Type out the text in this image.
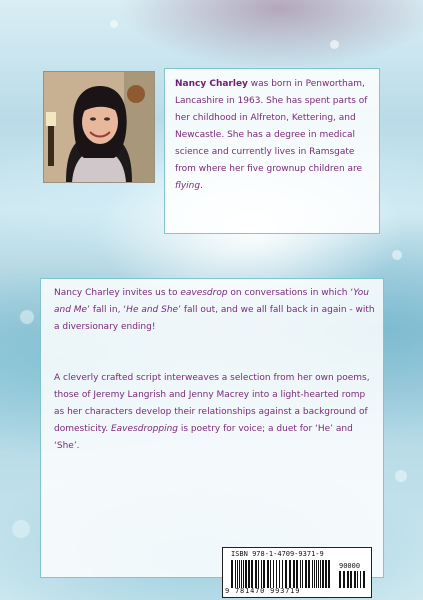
Nancy Charley was born in Penwortham, Lancashire in 1963. She has spent parts of her childhood in Alfreton, Kettering, and Newcastle. She has a degree in medical science and currently lives in Ramsgate from where her five grownup children are flying.
Nancy Charley invites us to eavesdrop on conversations in which ‘You and Me’ fall in, ‘He and She’ fall out, and we all fall back in again - with a diversionary ending!
A cleverly crafted script interweaves a selection from her own poems, those of Jeremy Langrish and Jenny Macrey into a light-hearted romp as her characters develop their relationships against a background of domesticity. Eavesdropping is poetry for voice; a duet for ‘He’ and ‘She’.
ISBN 978-1-4709-9371-9
90000
9 781470 993719
